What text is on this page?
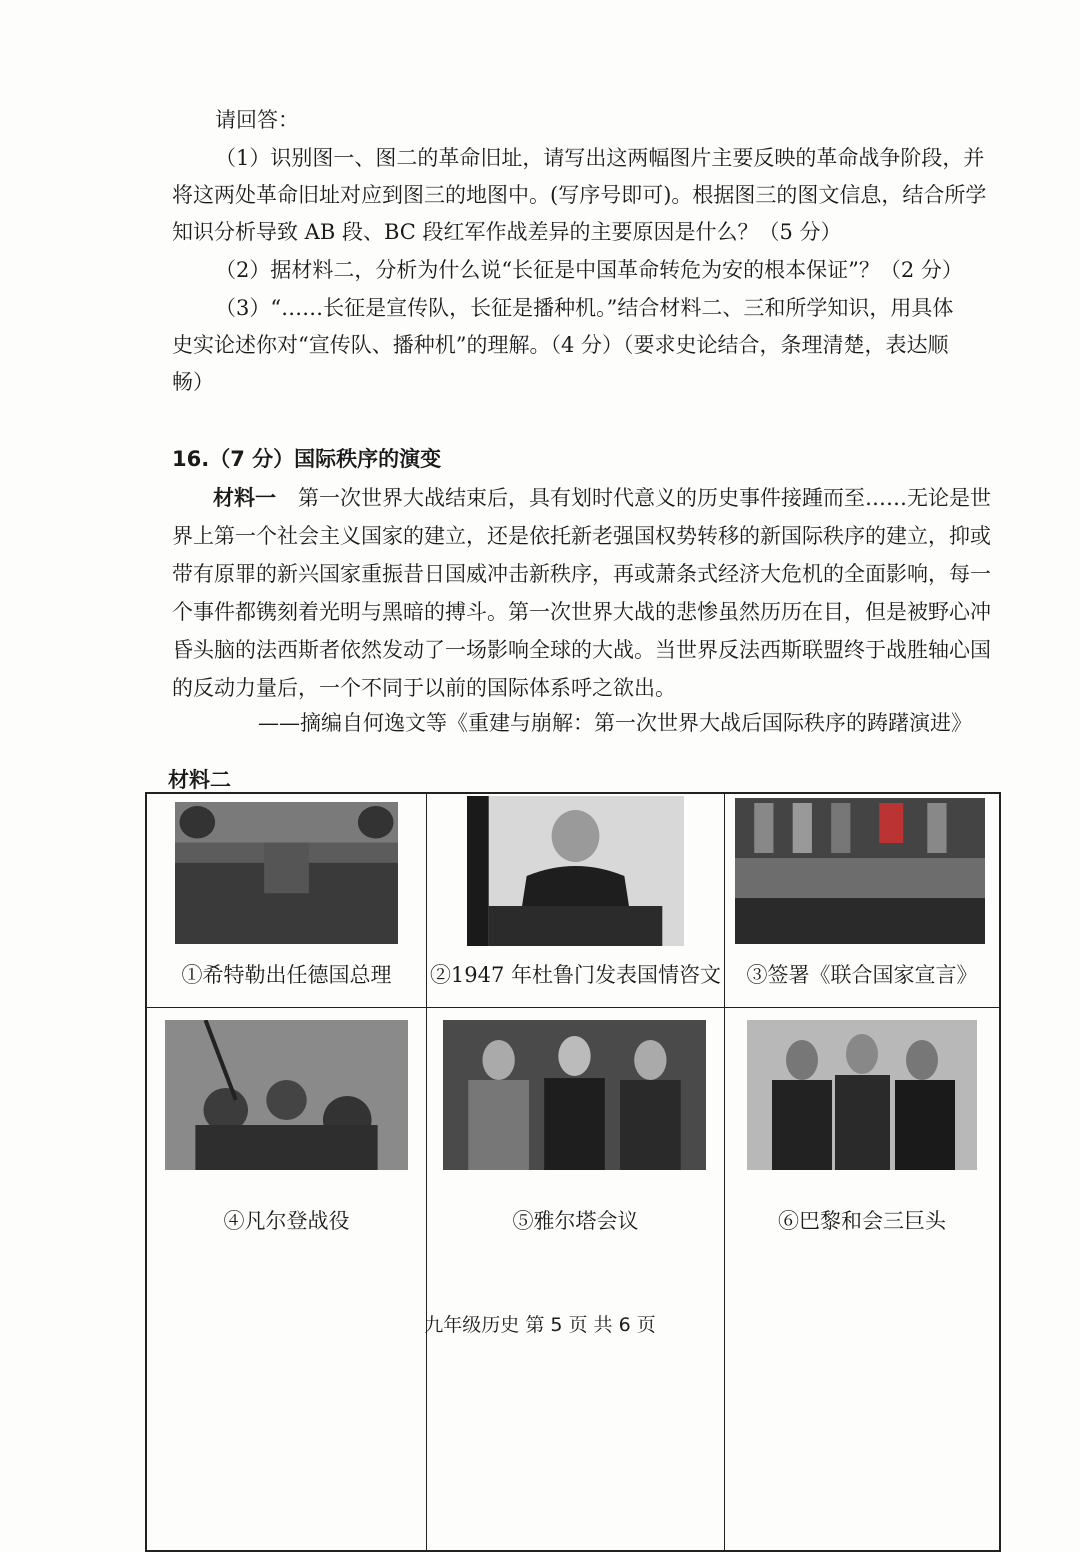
请回答：
（1）识别图一、图二的革命旧址，请写出这两幅图片主要反映的革命战争阶段，并
将这两处革命旧址对应到图三的地图中。(写序号即可)。根据图三的图文信息，结合所学
知识分析导致 AB 段、BC 段红军作战差异的主要原因是什么？（5 分）
（2）据材料二，分析为什么说“长征是中国革命转危为安的根本保证”？（2 分）
（3）“……长征是宣传队，长征是播种机。”结合材料二、三和所学知识，用具体
史实论述你对“宣传队、播种机”的理解。（4 分）（要求史论结合，条理清楚，表达顺
畅）
16.（7 分）国际秩序的演变
材料一 第一次世界大战结束后，具有划时代意义的历史事件接踵而至……无论是世
界上第一个社会主义国家的建立，还是依托新老强国权势转移的新国际秩序的建立，抑或
带有原罪的新兴国家重振昔日国威冲击新秩序，再或萧条式经济大危机的全面影响，每一
个事件都镌刻着光明与黑暗的搏斗。第一次世界大战的悲惨虽然历历在目，但是被野心冲
昏头脑的法西斯者依然发动了一场影响全球的大战。当世界反法西斯联盟终于战胜轴心国
的反动力量后，一个不同于以前的国际体系呼之欲出。
——摘编自何逸文等《重建与崩解：第一次世界大战后国际秩序的踌躇演进》
材料二
①希特勒出任德国总理	②1947 年杜鲁门发表国情咨文	③签署《联合国家宣言》
④凡尔登战役	⑤雅尔塔会议	⑥巴黎和会三巨头
九年级历史 第 5 页 共 6 页
